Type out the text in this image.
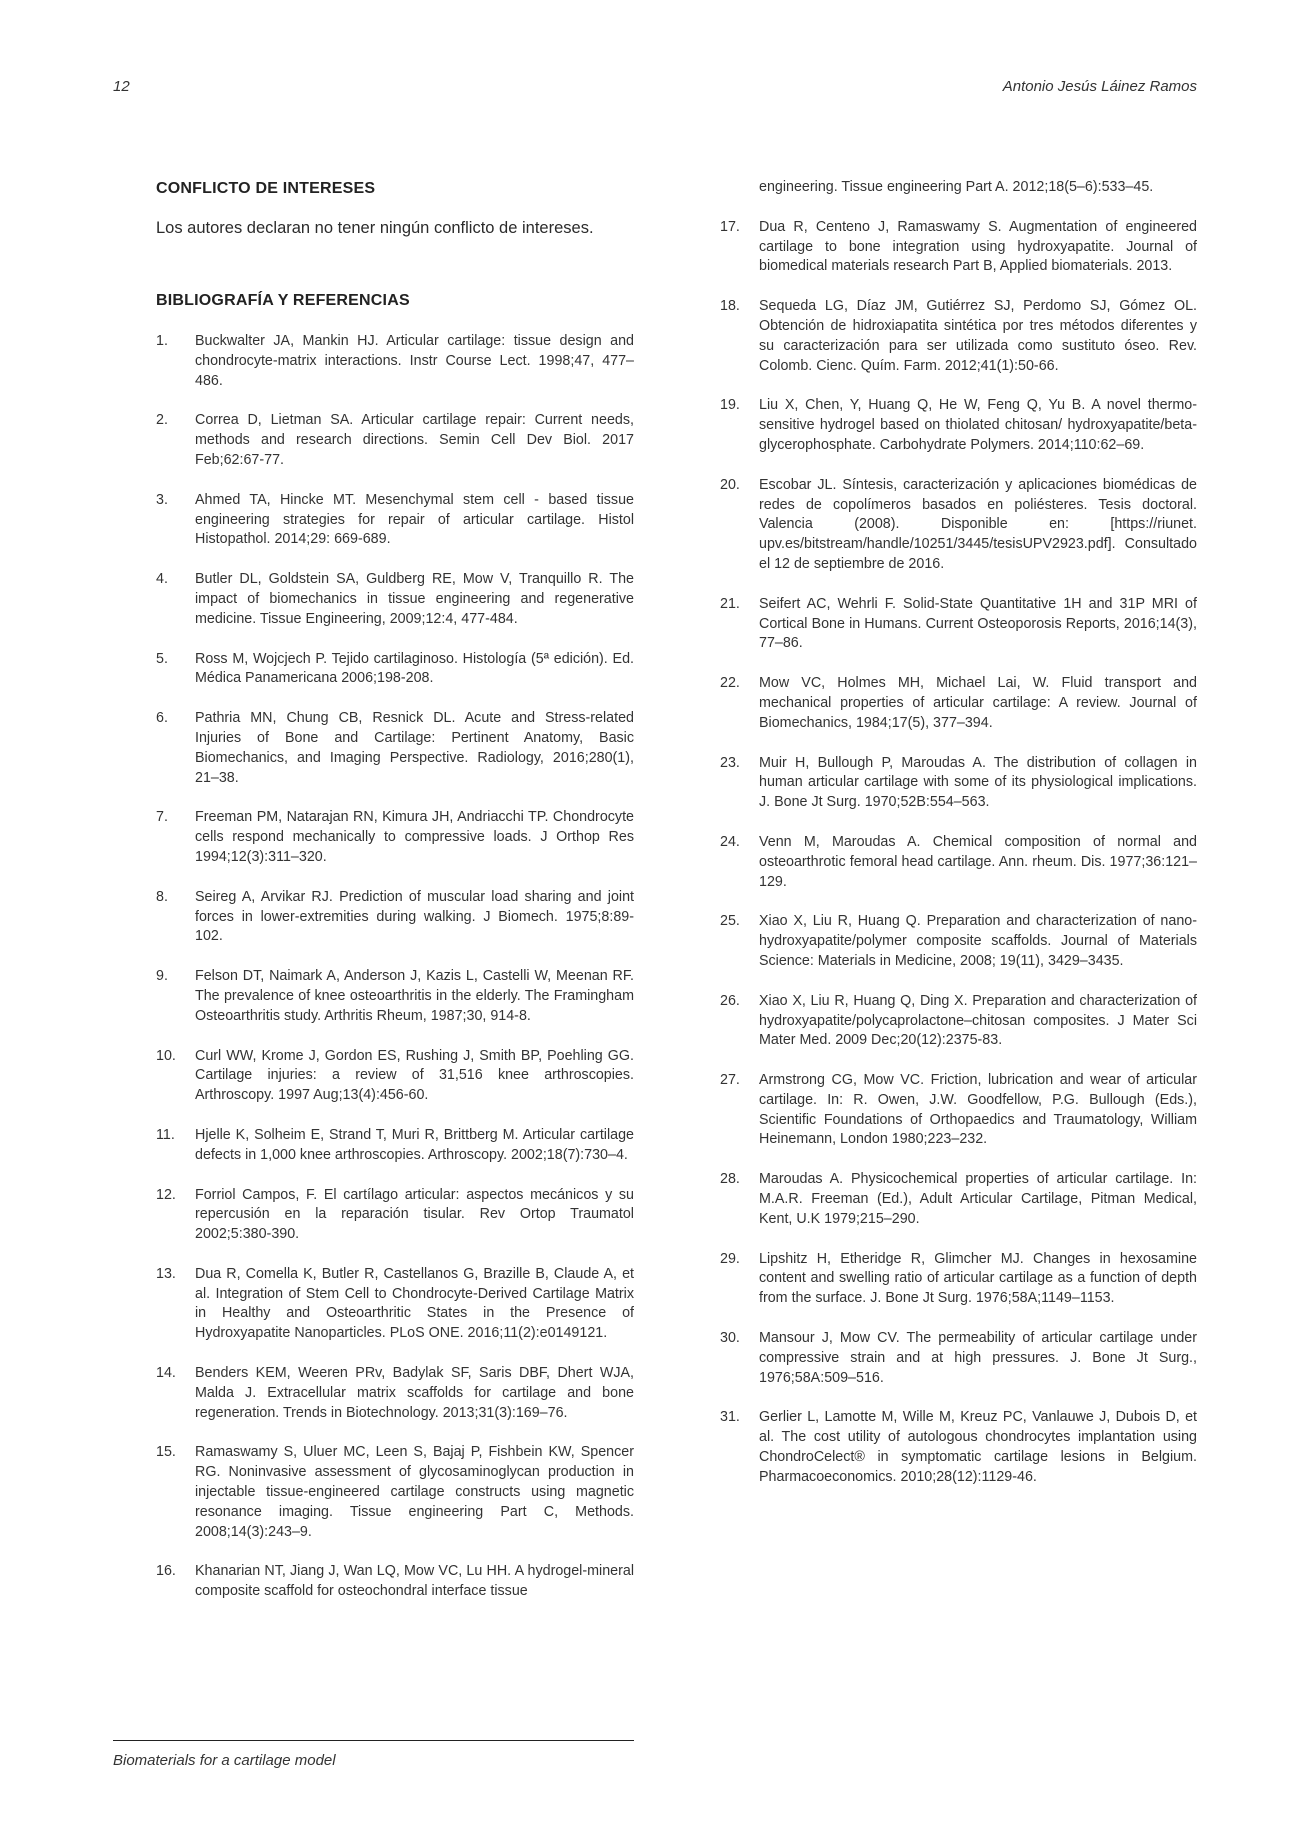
12	Antonio Jesús Láinez Ramos
CONFLICTO DE INTERESES

Los autores declaran no tener ningún conflicto de intereses.

BIBLIOGRAFÍA Y REFERENCIAS
1.	Buckwalter JA, Mankin HJ. Articular cartilage: tissue design and chondrocyte-matrix interactions. Instr Course Lect. 1998;47, 477–486.
2.	Correa D, Lietman SA. Articular cartilage repair: Current needs, methods and research directions. Semin Cell Dev Biol. 2017 Feb;62:67-77.
3.	Ahmed TA, Hincke MT. Mesenchymal stem cell - based tissue engineering strategies for repair of articular cartilage. Histol Histopathol. 2014;29: 669-689.
4.	Butler DL, Goldstein SA, Guldberg RE, Mow V, Tranquillo R. The impact of biomechanics in tissue engineering and regenerative medicine. Tissue Engineering, 2009;12:4, 477-484.
5.	Ross M, Wojcjech P. Tejido cartilaginoso. Histología (5ª edición). Ed. Médica Panamericana 2006;198-208.
6.	Pathria MN, Chung CB, Resnick DL. Acute and Stress-related Injuries of Bone and Cartilage: Pertinent Anatomy, Basic Biomechanics, and Imaging Perspective. Radiology, 2016;280(1), 21–38.
7.	Freeman PM, Natarajan RN, Kimura JH, Andriacchi TP. Chondrocyte cells respond mechanically to compressive loads. J Orthop Res 1994;12(3):311–320.
8.	Seireg A, Arvikar RJ. Prediction of muscular load sharing and joint forces in lower-extremities during walking. J Biomech. 1975;8:89-102.
9.	Felson DT, Naimark A, Anderson J, Kazis L, Castelli W, Meenan RF. The prevalence of knee osteoarthritis in the elderly. The Framingham Osteoarthritis study. Arthritis Rheum, 1987;30, 914-8.
10.	Curl WW, Krome J, Gordon ES, Rushing J, Smith BP, Poehling GG. Cartilage injuries: a review of 31,516 knee arthroscopies. Arthroscopy. 1997 Aug;13(4):456-60.
11.	Hjelle K, Solheim E, Strand T, Muri R, Brittberg M. Articular cartilage defects in 1,000 knee arthroscopies. Arthroscopy. 2002;18(7):730–4.
12.	Forriol Campos, F. El cartílago articular: aspectos mecánicos y su repercusión en la reparación tisular. Rev Ortop Traumatol 2002;5:380-390.
13.	Dua R, Comella K, Butler R, Castellanos G, Brazille B, Claude A, et al. Integration of Stem Cell to Chondrocyte-Derived Cartilage Matrix in Healthy and Osteoarthritic States in the Presence of Hydroxyapatite Nanoparticles. PLoS ONE. 2016;11(2):e0149121.
14.	Benders KEM, Weeren PRv, Badylak SF, Saris DBF, Dhert WJA, Malda J. Extracellular matrix scaffolds for cartilage and bone regeneration. Trends in Biotechnology. 2013;31(3):169–76.
15.	Ramaswamy S, Uluer MC, Leen S, Bajaj P, Fishbein KW, Spencer RG. Noninvasive assessment of glycosaminoglycan production in injectable tissue-engineered cartilage constructs using magnetic resonance imaging. Tissue engineering Part C, Methods. 2008;14(3):243–9.
16.	Khanarian NT, Jiang J, Wan LQ, Mow VC, Lu HH. A hydrogel-mineral composite scaffold for osteochondral interface tissue
engineering. Tissue engineering Part A. 2012;18(5–6):533–45.
17.	Dua R, Centeno J, Ramaswamy S. Augmentation of engineered cartilage to bone integration using hydroxyapatite. Journal of biomedical materials research Part B, Applied biomaterials. 2013.
18.	Sequeda LG, Díaz JM, Gutiérrez SJ, Perdomo SJ, Gómez OL. Obtención de hidroxiapatita sintética por tres métodos diferentes y su caracterización para ser utilizada como sustituto óseo. Rev. Colomb. Cienc. Quím. Farm. 2012;41(1):50-66.
19.	Liu X, Chen, Y, Huang Q, He W, Feng Q, Yu B. A novel thermo-sensitive hydrogel based on thiolated chitosan/ hydroxyapatite/beta-glycerophosphate. Carbohydrate Polymers. 2014;110:62–69.
20.	Escobar JL. Síntesis, caracterización y aplicaciones biomédicas de redes de copolímeros basados en poliésteres. Tesis doctoral. Valencia (2008). Disponible en: [https://riunet. upv.es/bitstream/handle/10251/3445/tesisUPV2923.pdf]. Consultado el 12 de septiembre de 2016.
21.	Seifert AC, Wehrli F. Solid-State Quantitative 1H and 31P MRI of Cortical Bone in Humans. Current Osteoporosis Reports, 2016;14(3), 77–86.
22.	Mow VC, Holmes MH, Michael Lai, W. Fluid transport and mechanical properties of articular cartilage: A review. Journal of Biomechanics, 1984;17(5), 377–394.
23.	Muir H, Bullough P, Maroudas A. The distribution of collagen in human articular cartilage with some of its physiological implications. J. Bone Jt Surg. 1970;52B:554–563.
24.	Venn M, Maroudas A. Chemical composition of normal and osteoarthrotic femoral head cartilage. Ann. rheum. Dis. 1977;36:121–129.
25.	Xiao X, Liu R, Huang Q. Preparation and characterization of nano-hydroxyapatite/polymer composite scaffolds. Journal of Materials Science: Materials in Medicine, 2008; 19(11), 3429–3435.
26.	Xiao X, Liu R, Huang Q, Ding X. Preparation and characterization of hydroxyapatite/polycaprolactone–chitosan composites. J Mater Sci Mater Med. 2009 Dec;20(12):2375-83.
27.	Armstrong CG, Mow VC. Friction, lubrication and wear of articular cartilage. In: R. Owen, J.W. Goodfellow, P.G. Bullough (Eds.), Scientific Foundations of Orthopaedics and Traumatology, William Heinemann, London 1980;223–232.
28.	Maroudas A. Physicochemical properties of articular cartilage. In: M.A.R. Freeman (Ed.), Adult Articular Cartilage, Pitman Medical, Kent, U.K 1979;215–290.
29.	Lipshitz H, Etheridge R, Glimcher MJ. Changes in hexosamine content and swelling ratio of articular cartilage as a function of depth from the surface. J. Bone Jt Surg. 1976;58A;1149–1153.
30.	Mansour J, Mow CV. The permeability of articular cartilage under compressive strain and at high pressures. J. Bone Jt Surg., 1976;58A:509–516.
31.	Gerlier L, Lamotte M, Wille M, Kreuz PC, Vanlauwe J, Dubois D, et al. The cost utility of autologous chondrocytes implantation using ChondroCelect® in symptomatic cartilage lesions in Belgium. Pharmacoeconomics. 2010;28(12):1129-46.
Biomaterials for a cartilage model
